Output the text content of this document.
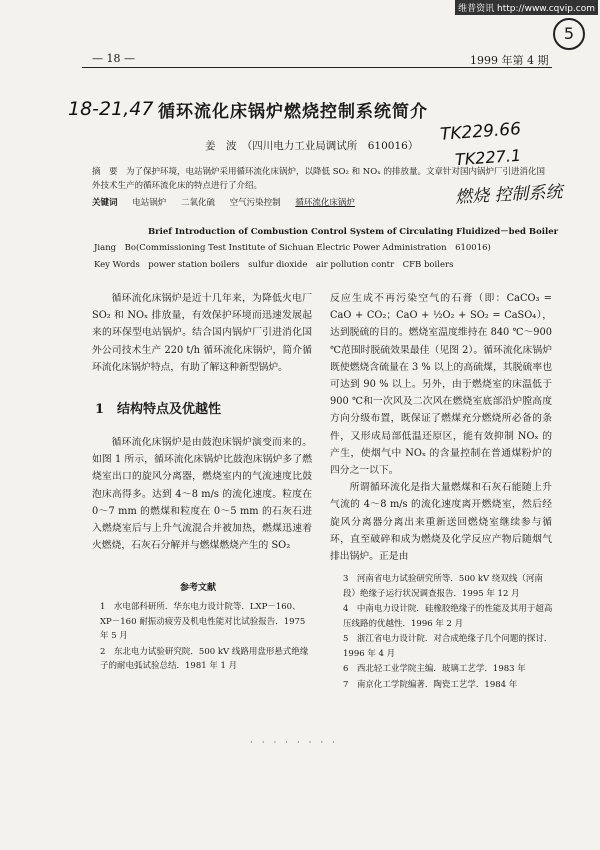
维普资讯 http://www.cqvip.com
5
— 18 —	1999 年第 4 期
18-21,47
TK229.66
TK227.1
燃烧 控制系统
循环流化床锅炉燃烧控制系统简介
姜　波　（四川电力工业局调试所　610016）
摘　要　为了保护环境，电站锅炉采用循环流化床锅炉，以降低 SO₂ 和 NOₓ 的排放量。文章针对国内锅炉厂引进消化国外技术生产的循环流化床的特点进行了介绍。
关键词 电站锅炉 二氧化硫 空气污染控制 循环流化床锅炉
Brief Introduction of Combustion Control System of Circulating Fluidized－bed Boiler
Jiang　Bo(Commissioning Test Institute of Sichuan Electric Power Administration　610016)
Key Words　power station boilers　sulfur dioxide　air pollution contr　CFB boilers

循环流化床锅炉是近十几年来，为降低火电厂 SO₂ 和 NOₓ 排放量，有效保护环境而迅速发展起来的环保型电站锅炉。结合国内锅炉厂引进消化国外公司技术生产 220 t/h 循环流化床锅炉，简介循环流化床锅炉特点，有助了解这种新型锅炉。

1　结构特点及优越性

循环流化床锅炉是由鼓泡床锅炉演变而来的。如图 1 所示，循环流化床锅炉比鼓泡床锅炉多了燃烧室出口的旋风分离器，燃烧室内的气流速度比鼓泡床高得多。达到 4～8 m/s 的流化速度。粒度在 0～7 mm 的燃煤和粒度在 0～5 mm 的石灰石进入燃烧室后与上升气流混合并被加热，燃煤迅速着火燃烧，石灰石分解并与燃煤燃烧产生的 SO₂

反应生成不再污染空气的石膏（即：CaCO₃ = CaO + CO₂；CaO + ½O₂ + SO₂ = CaSO₄），达到脱硫的目的。燃烧室温度维持在 840 ℃～900 ℃范围时脱硫效果最佳（见图 2）。循环流化床锅炉既使燃烧含硫量在 3 % 以上的高硫煤，其脱硫率也可达到 90 % 以上。另外，由于燃烧室的床温低于 900 ℃和一次风及二次风在燃烧室底部沿炉膛高度方向分级布置，既保证了燃煤充分燃烧所必备的条件，又形成局部低温还原区，能有效抑制 NOₓ 的产生，使烟气中 NOₓ 的含量控制在普通煤粉炉的四分之一以下。

所谓循环流化是指大量燃煤和石灰石能随上升气流的 4～8 m/s 的流化速度离开燃烧室，然后经旋风分离器分离出来重新送回燃烧室继续参与循环，直至破碎和成为燃烧及化学反应产物后随烟气排出锅炉。正是由

参考文献
1　水电部科研所．华东电力设计院等．LXP－160、XP－160 耐振动疲劳及机电性能对比试验报告．1975 年 5 月
2　东北电力试验研究院．500 kV 线路用盘形悬式绝缘子的耐电弧试验总结．1981 年 1 月
3　河南省电力试验研究所等．500 kV 绕双线（河南段）绝缘子运行状况调查报告．1995 年 12 月
4　中南电力设计院．硅橡胶绝缘子的性能及其用于超高压线路的优越性．1996 年 2 月
5　浙江省电力设计院．对合成绝缘子几个问题的探讨．1996 年 4 月
6　西北轻工业学院主编．玻璃工艺学．1983 年
7　南京化工学院编著．陶瓷工艺学．1984 年
· · · · · · · ·
